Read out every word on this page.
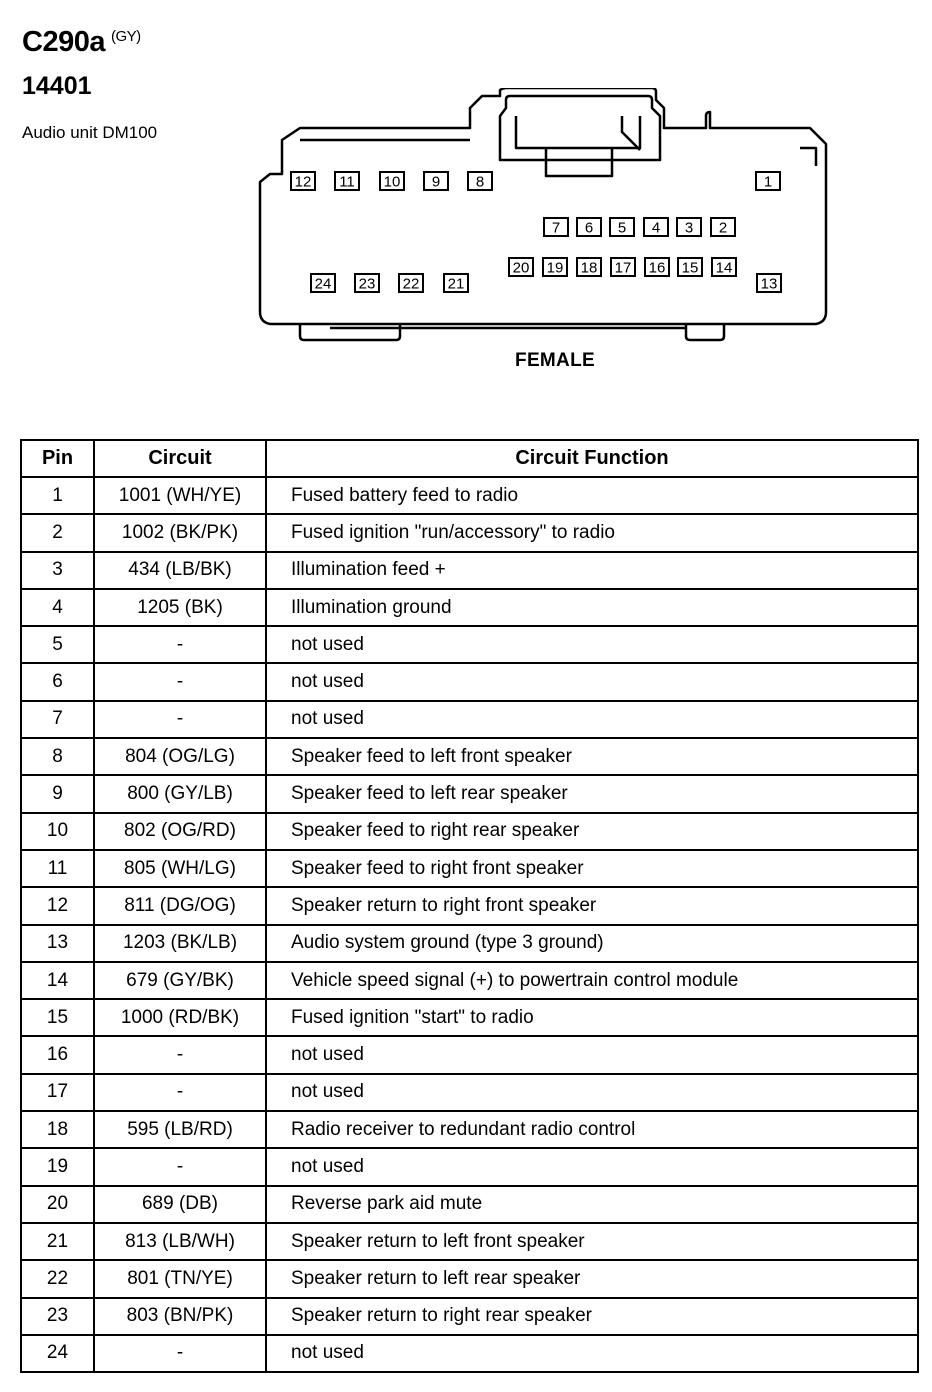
C290a $^{(GY)}$
14401
Audio unit DM100
12 11 10 9 8	1
7 6 5 4 3 2
20 19 18 17 16 15 14
24 23 22 21	13
FEMALE
Pin	Circuit	Circuit Function
1	1001 (WH/YE)	Fused battery feed to radio
2	1002 (BK/PK)	Fused ignition "run/accessory" to radio
3	434 (LB/BK)	Illumination feed +
4	1205 (BK)	Illumination ground
5	-	not used
6	-	not used
7	-	not used
8	804 (OG/LG)	Speaker feed to left front speaker
9	800 (GY/LB)	Speaker feed to left rear speaker
10	802 (OG/RD)	Speaker feed to right rear speaker
11	805 (WH/LG)	Speaker feed to right front speaker
12	811 (DG/OG)	Speaker return to right front speaker
13	1203 (BK/LB)	Audio system ground (type 3 ground)
14	679 (GY/BK)	Vehicle speed signal (+) to powertrain control module
15	1000 (RD/BK)	Fused ignition "start" to radio
16	-	not used
17	-	not used
18	595 (LB/RD)	Radio receiver to redundant radio control
19	-	not used
20	689 (DB)	Reverse park aid mute
21	813 (LB/WH)	Speaker return to left front speaker
22	801 (TN/YE)	Speaker return to left rear speaker
23	803 (BN/PK)	Speaker return to right rear speaker
24	-	not used
